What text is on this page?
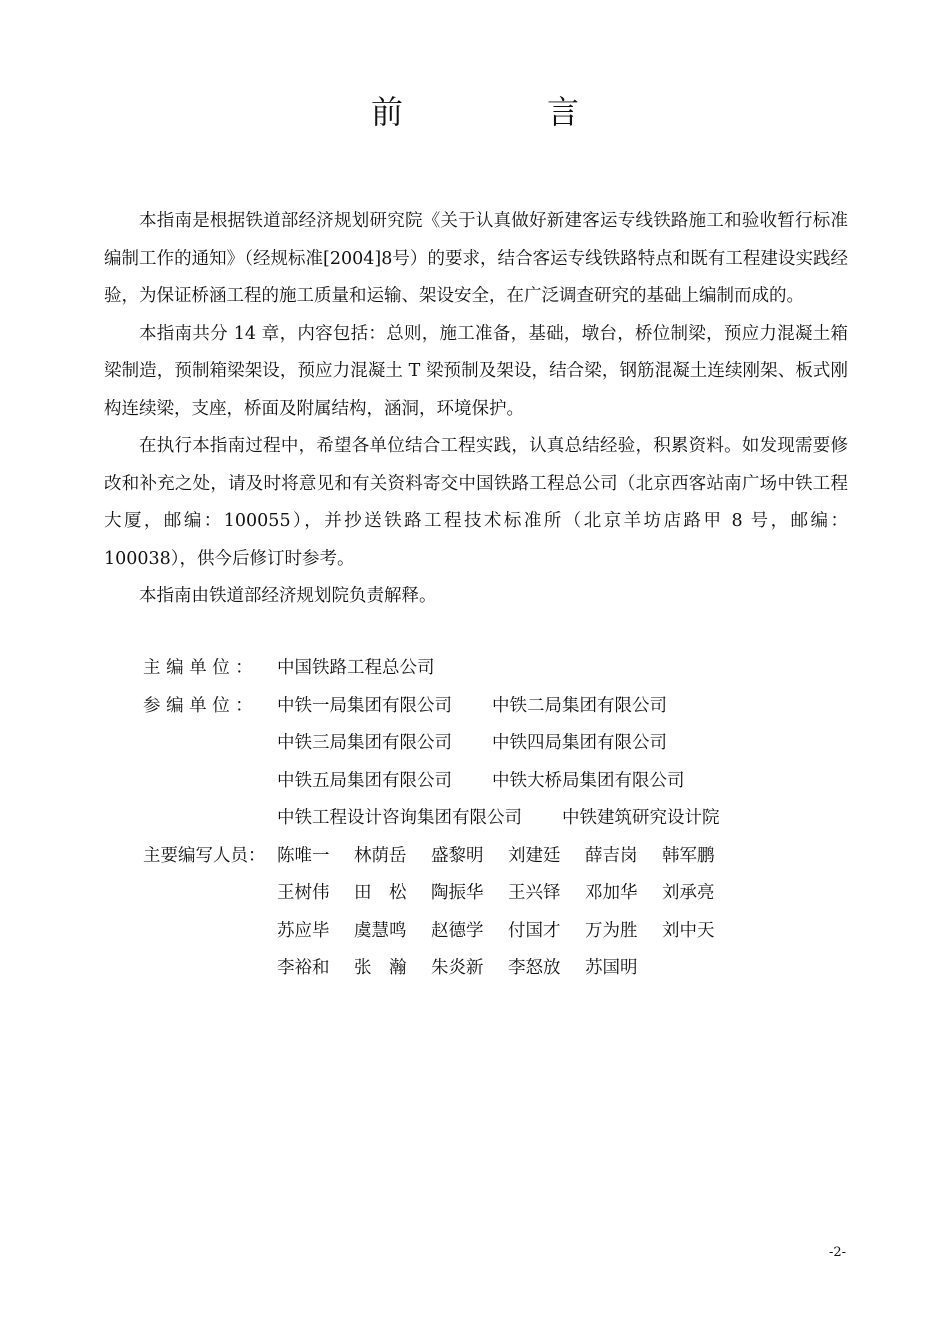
前　言

本指南是根据铁道部经济规划研究院《关于认真做好新建客运专线铁路施工和验收暂行标准编制工作的通知》（经规标准[2004]8号）的要求，结合客运专线铁路特点和既有工程建设实践经验，为保证桥涵工程的施工质量和运输、架设安全，在广泛调查研究的基础上编制而成的。

本指南共分 14 章，内容包括：总则，施工准备，基础，墩台，桥位制梁，预应力混凝土箱梁制造，预制箱梁架设，预应力混凝土 T 梁预制及架设，结合梁，钢筋混凝土连续刚架、板式刚构连续梁，支座，桥面及附属结构，涵洞，环境保护。

在执行本指南过程中，希望各单位结合工程实践，认真总结经验，积累资料。如发现需要修改和补充之处，请及时将意见和有关资料寄交中国铁路工程总公司（北京西客站南广场中铁工程大厦，邮编：100055），并抄送铁路工程技术标准所（北京羊坊店路甲 8 号，邮编：100038），供今后修订时参考。

本指南由铁道部经济规划院负责解释。

主 编 单 位 ：	中国铁路工程总公司
参 编 单 位 ：	中铁一局集团有限公司 中铁二局集团有限公司
中铁三局集团有限公司 中铁四局集团有限公司
中铁五局集团有限公司 中铁大桥局集团有限公司
中铁工程设计咨询集团有限公司 中铁建筑研究设计院
主要编写人员： 陈唯一	林荫岳	盛黎明	刘建廷	薛吉岗	韩军鹏
王树伟	田　松	陶振华	王兴铎	邓加华	刘承亮
苏应毕	虞慧鸣	赵德学	付国才	万为胜	刘中天
李裕和	张　瀚	朱炎新	李怒放	苏国明
-2-
